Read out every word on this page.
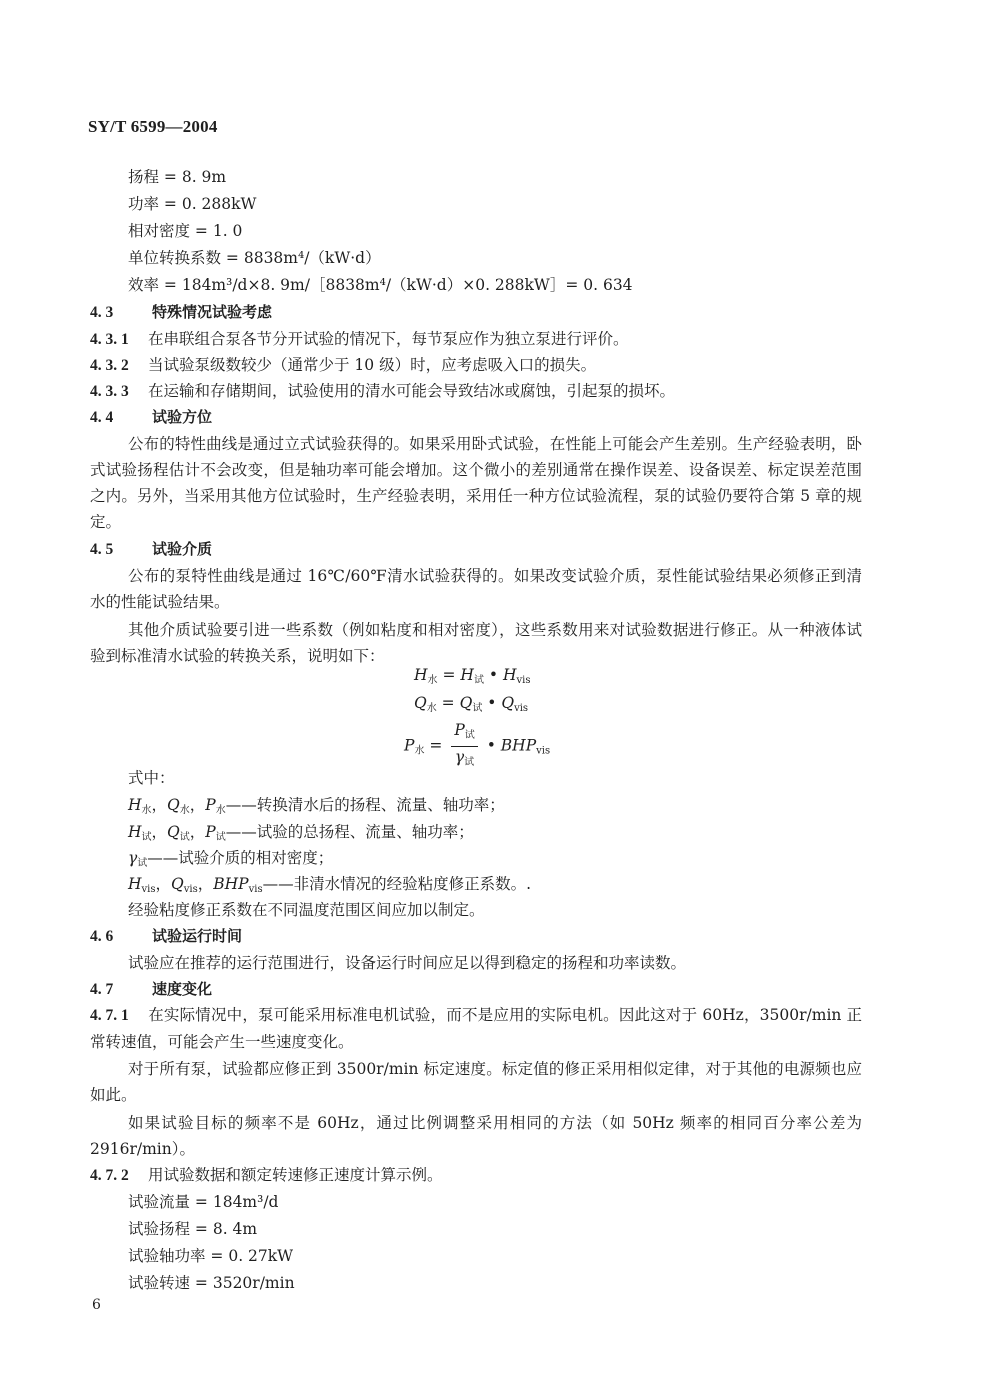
SY/T 6599—2004
扬程 = 8. 9m
功率 = 0. 288kW
相对密度 = 1. 0
单位转换系数 = 8838m⁴/（kW·d）
效率 = 184m³/d×8. 9m/［8838m⁴/（kW·d）×0. 288kW］= 0. 634
4. 3	特殊情况试验考虑
4. 3. 1 在串联组合泵各节分开试验的情况下，每节泵应作为独立泵进行评价。
4. 3. 2 当试验泵级数较少（通常少于 10 级）时，应考虑吸入口的损失。
4. 3. 3 在运输和存储期间，试验使用的清水可能会导致结冰或腐蚀，引起泵的损坏。
4. 4	试验方位
公布的特性曲线是通过立式试验获得的。如果采用卧式试验，在性能上可能会产生差别。生产经验表明，卧式试验扬程估计不会改变，但是轴功率可能会增加。这个微小的差别通常在操作误差、设备误差、标定误差范围之内。另外，当采用其他方位试验时，生产经验表明，采用任一种方位试验流程，泵的试验仍要符合第 5 章的规定。
4. 5	试验介质
公布的泵特性曲线是通过 16℃/60℉清水试验获得的。如果改变试验介质，泵性能试验结果必须修正到清水的性能试验结果。
其他介质试验要引进一些系数（例如粘度和相对密度），这些系数用来对试验数据进行修正。从一种液体试验到标准清水试验的转换关系，说明如下：
$H_水 = H_试$ • $H_{vis}$
$Q_水 = Q_试$ • $Q_{vis}$
$P_水 = \frac{P_试}{\gamma_试}$ • $BHP_{vis}$
式中：
$H_水$，$Q_水$，$P_水——$转换清水后的扬程、流量、轴功率；
$H_试$，$Q_试$，$P_试——$试验的总扬程、流量、轴功率；
$\gamma_试——$试验介质的相对密度；
$H_{vis}$，$Q_{vis}$，$BHP_{vis}——$非清水情况的经验粘度修正系数。.
经验粘度修正系数在不同温度范围区间应加以制定。
4. 6	试验运行时间
试验应在推荐的运行范围进行，设备运行时间应足以得到稳定的扬程和功率读数。
4. 7	速度变化
4. 7. 1 在实际情况中，泵可能采用标准电机试验，而不是应用的实际电机。因此这对于 60Hz，3500r/min 正常转速值，可能会产生一些速度变化。
对于所有泵，试验都应修正到 3500r/min 标定速度。标定值的修正采用相似定律，对于其他的电源频也应如此。
如果试验目标的频率不是 60Hz，通过比例调整采用相同的方法（如 50Hz 频率的相同百分率公差为 2916r/min）。
4. 7. 2 用试验数据和额定转速修正速度计算示例。
试验流量 = 184m³/d
试验扬程 = 8. 4m
试验轴功率 = 0. 27kW
试验转速 = 3520r/min
6
